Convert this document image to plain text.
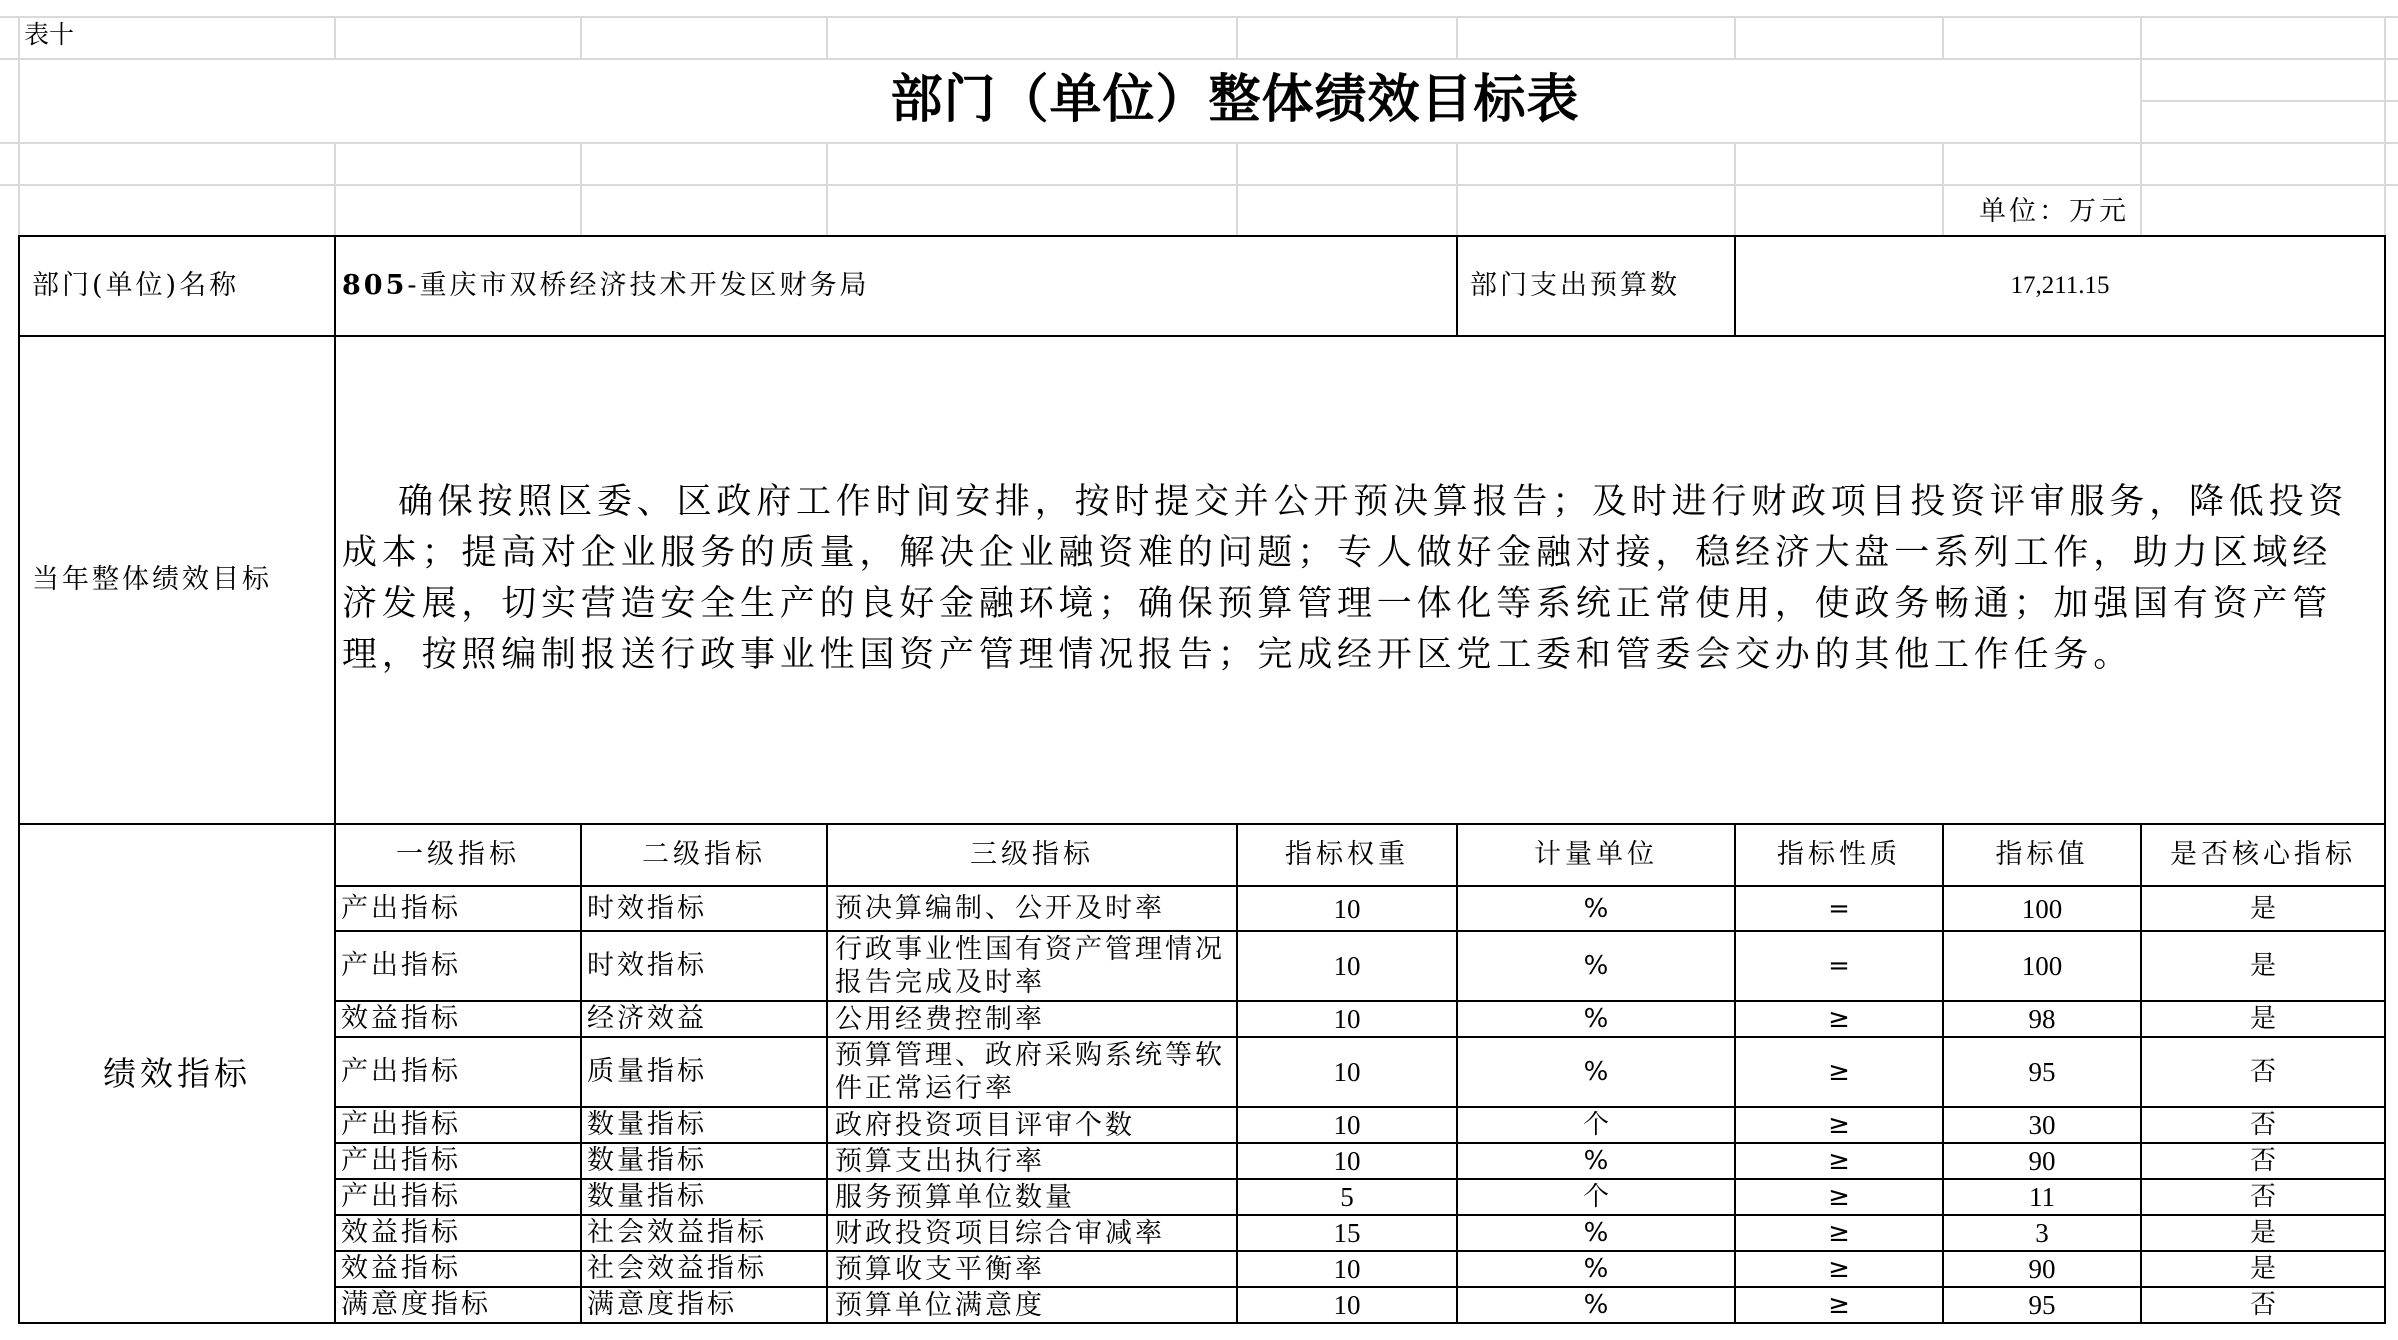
表十
部门（单位）整体绩效目标表
单位：万元
部门(单位)名称	805-重庆市双桥经济技术开发区财务局				部门支出预算数	17,211.15		
当年整体绩效目标	确保按照区委、区政府工作时间安排，按时提交并公开预决算报告；及时进行财政项目投资评审服务，降低投资成本；提高对企业服务的质量，解决企业融资难的问题；专人做好金融对接，稳经济大盘一系列工作，助力区域经济发展，切实营造安全生产的良好金融环境；确保预算管理一体化等系统正常使用，使政务畅通；加强国有资产管理，按照编制报送行政事业性国资产管理情况报告；完成经开区党工委和管委会交办的其他工作任务。							

绩效指标	一级指标	二级指标	三级指标	指标权重	计量单位	指标性质	指标值	是否核心指标
	产出指标	时效指标	预决算编制、公开及时率	10	%	=	100	是
	产出指标	时效指标	行政事业性国有资产管理情况报告完成及时率	10	%	=	100	是
	效益指标	经济效益	公用经费控制率	10	%	≥	98	是
	产出指标	质量指标	预算管理、政府采购系统等软件正常运行率	10	%	≥	95	否
	产出指标	数量指标	政府投资项目评审个数	10	个	≥	30	否
	产出指标	数量指标	预算支出执行率	10	%	≥	90	否
	产出指标	数量指标	服务预算单位数量	5	个	≥	11	否
	效益指标	社会效益指标	财政投资项目综合审减率	15	%	≥	3	是
	效益指标	社会效益指标	预算收支平衡率	10	%	≥	90	是
	满意度指标	满意度指标	预算单位满意度	10	%	≥	95	否
